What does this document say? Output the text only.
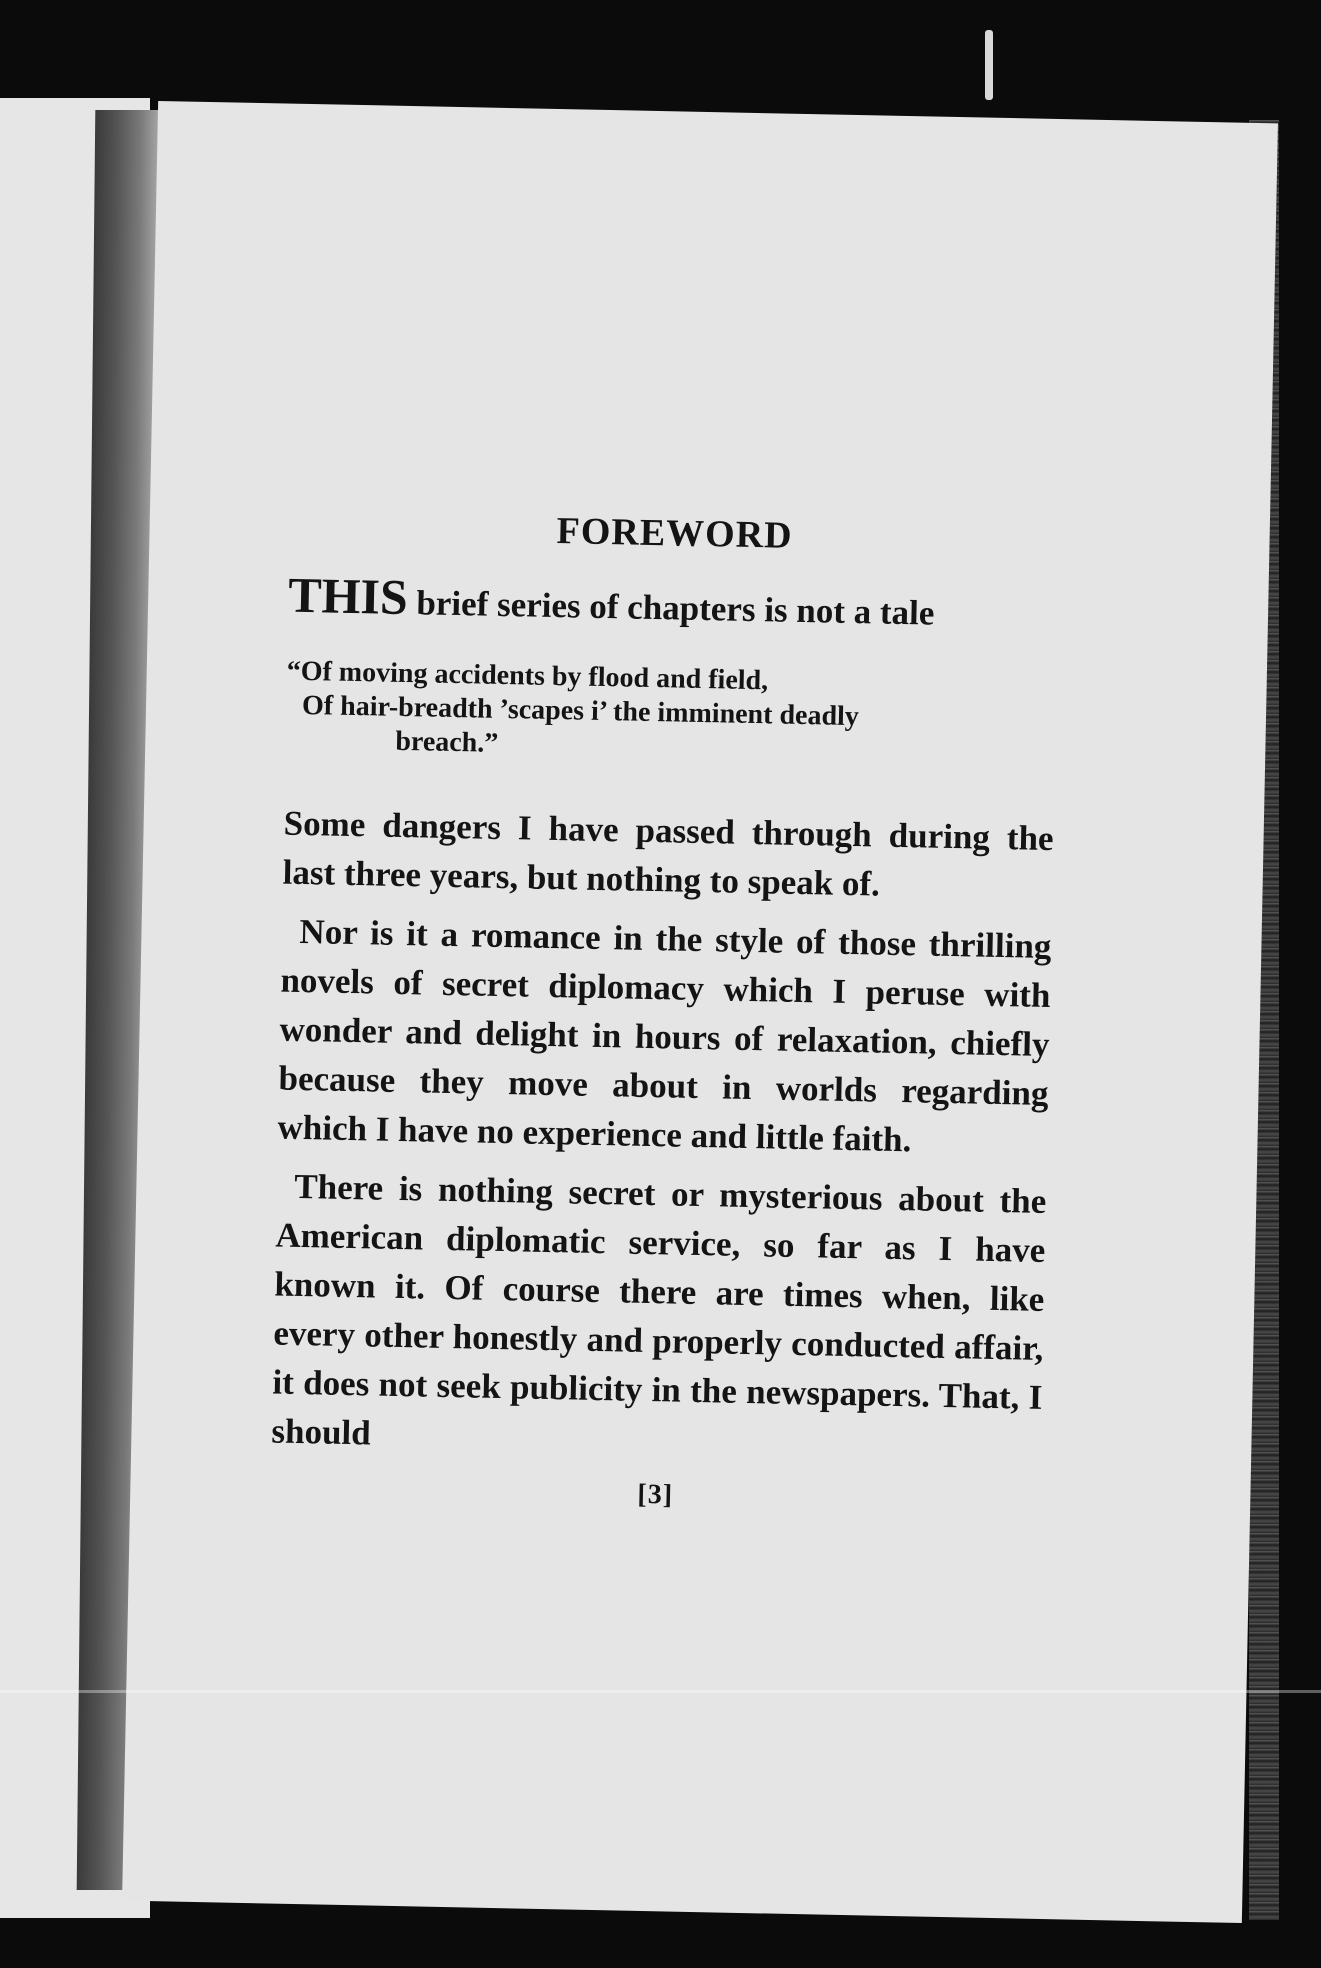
FOREWORD

THIS brief series of chapters is not a tale

“Of moving accidents by flood and field,
Of hair-breadth ’scapes i’ the imminent deadly
breach.”

Some dangers I have passed through during the last three years, but nothing to speak of.

Nor is it a romance in the style of those thrilling novels of secret diplomacy which I peruse with wonder and delight in hours of relaxation, chiefly because they move about in worlds regarding which I have no experience and little faith.

There is nothing secret or mysterious about the American diplomatic service, so far as I have known it. Of course there are times when, like every other honestly and properly conducted affair, it does not seek publicity in the newspapers. That, I should

[3]
